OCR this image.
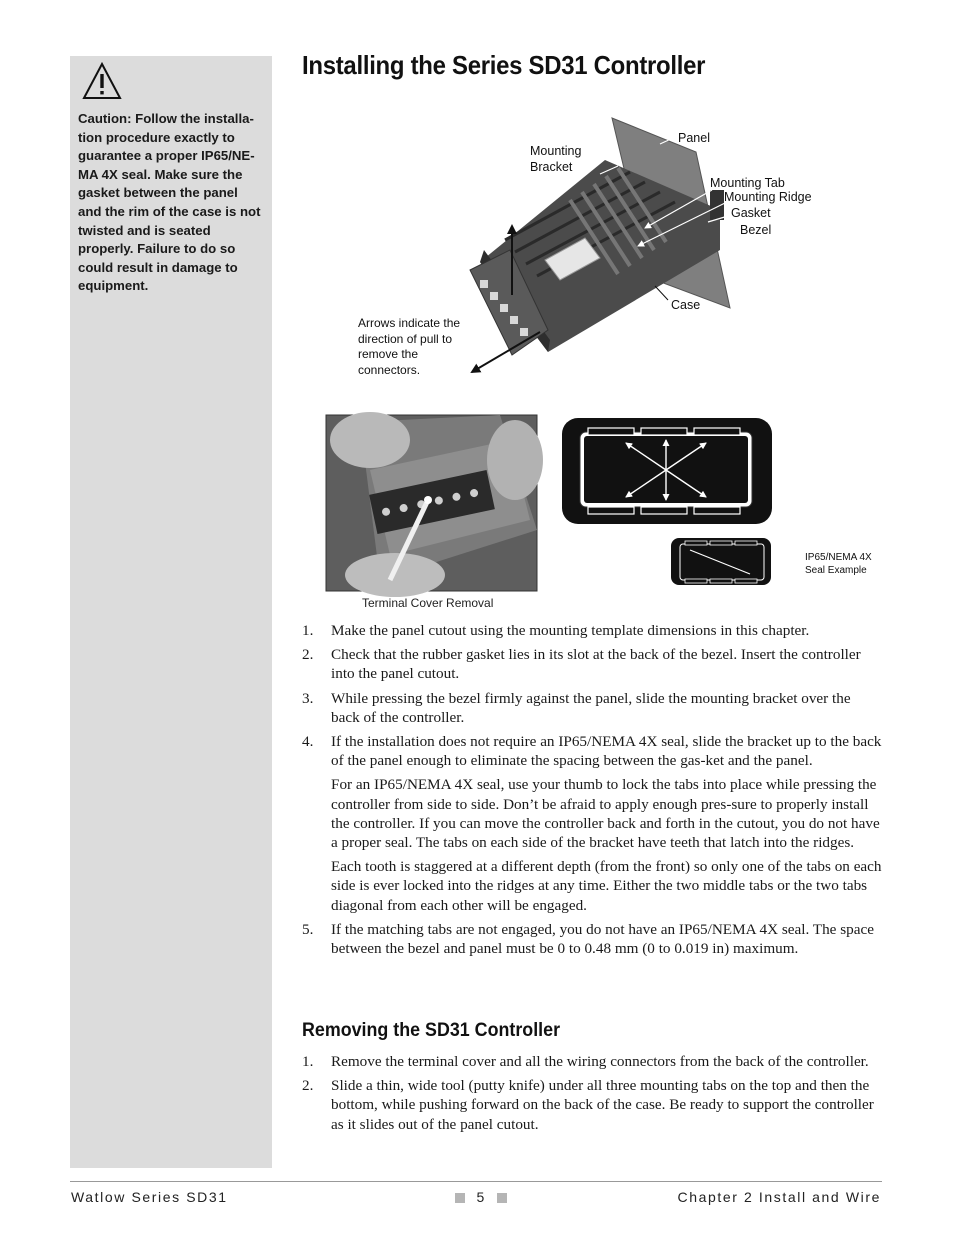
Caution: Follow the installa-tion procedure exactly to guarantee a proper IP65/NE-MA 4X seal. Make sure the gasket between the panel and the rim of the case is not twisted and is seated properly. Failure to do so could result in damage to equipment.
Installing the Series SD31 Controller
Panel
Mounting
Bracket
Mounting Tab
Mounting Ridge
Gasket
Bezel
Case
Arrows indicate the
direction of pull to
remove the
connectors.
Terminal Cover Removal
IP65/NEMA 4X
Seal Example
1. Make the panel cutout using the mounting template dimensions in this chapter.
2. Check that the rubber gasket lies in its slot at the back of the bezel. Insert the controller into the panel cutout.
3. While pressing the bezel firmly against the panel, slide the mounting bracket over the back of the controller.
4. If the installation does not require an IP65/NEMA 4X seal, slide the bracket up to the back of the panel enough to eliminate the spacing between the gas-ket and the panel.
For an IP65/NEMA 4X seal, use your thumb to lock the tabs into place while pressing the controller from side to side. Don’t be afraid to apply enough pres-sure to properly install the controller. If you can move the controller back and forth in the cutout, you do not have a proper seal. The tabs on each side of the bracket have teeth that latch into the ridges.
Each tooth is staggered at a different depth (from the front) so only one of the tabs on each side is ever locked into the ridges at any time. Either the two middle tabs or the two tabs diagonal from each other will be engaged.
5. If the matching tabs are not engaged, you do not have an IP65/NEMA 4X seal. The space between the bezel and panel must be 0 to 0.48 mm (0 to 0.019 in) maximum.
Removing the SD31 Controller
1. Remove the terminal cover and all the wiring connectors from the back of the controller.
2. Slide a thin, wide tool (putty knife) under all three mounting tabs on the top and then the bottom, while pushing forward on the back of the case. Be ready to support the controller as it slides out of the panel cutout.
Watlow Series SD31	5	Chapter 2 Install and Wire
